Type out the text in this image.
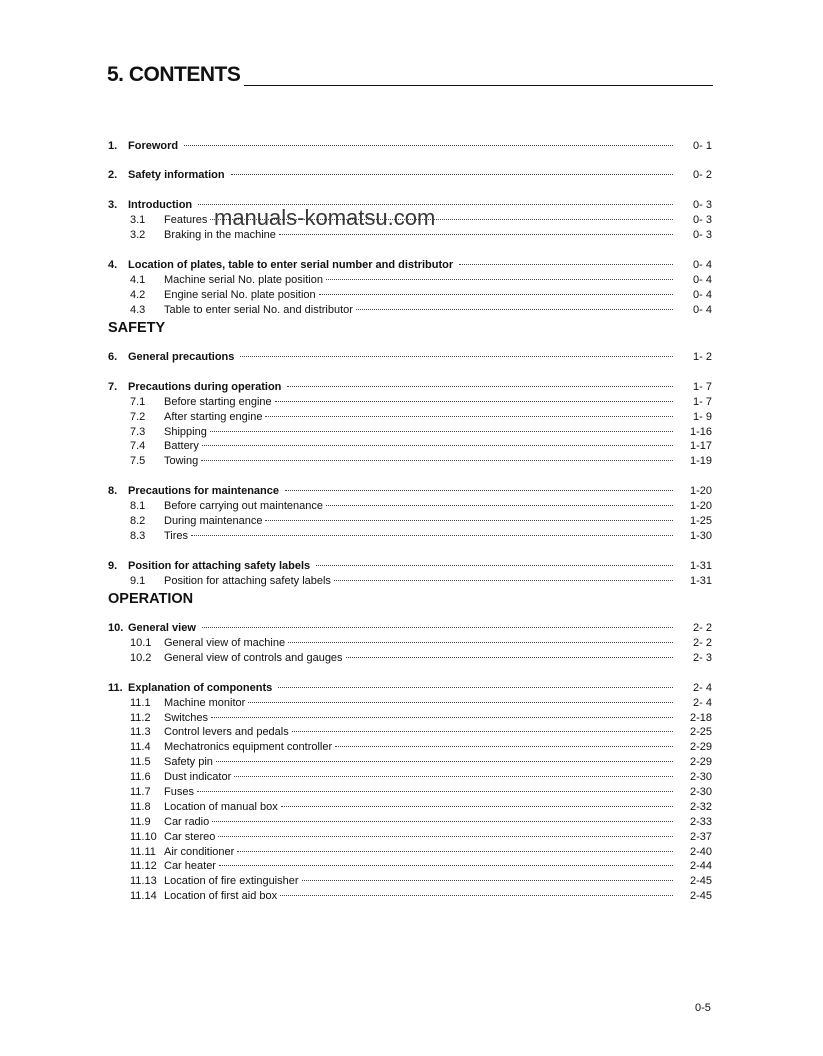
5. CONTENTS
manuals-komatsu.com
1. Foreword	0- 1
2. Safety information	0- 2
3. Introduction	0- 3
3.1	Features	0- 3
3.2	Braking in the machine	0- 3
4. Location of plates, table to enter serial number and distributor	0- 4
4.1	Machine serial No. plate position	0- 4
4.2	Engine serial No. plate position	0- 4
4.3	Table to enter serial No. and distributor	0- 4
SAFETY
6. General precautions	1- 2
7. Precautions during operation	1- 7
7.1	Before starting engine	1- 7
7.2	After starting engine	1- 9
7.3	Shipping	1-16
7.4	Battery	1-17
7.5	Towing	1-19
8. Precautions for maintenance	1-20
8.1	Before carrying out maintenance	1-20
8.2	During maintenance	1-25
8.3	Tires	1-30
9. Position for attaching safety labels	1-31
9.1	Position for attaching safety labels	1-31
OPERATION
10. General view	2- 2
10.1	General view of machine	2- 2
10.2	General view of controls and gauges	2- 3
11. Explanation of components	2- 4
11.1	Machine monitor	2- 4
11.2	Switches	2-18
11.3	Control levers and pedals	2-25
11.4	Mechatronics equipment controller	2-29
11.5	Safety pin	2-29
11.6	Dust indicator	2-30
11.7	Fuses	2-30
11.8	Location of manual box	2-32
11.9	Car radio	2-33
11.10 Car stereo	2-37
11.11 Air conditioner	2-40
11.12 Car heater	2-44
11.13 Location of fire extinguisher	2-45
11.14 Location of first aid box	2-45
0-5
